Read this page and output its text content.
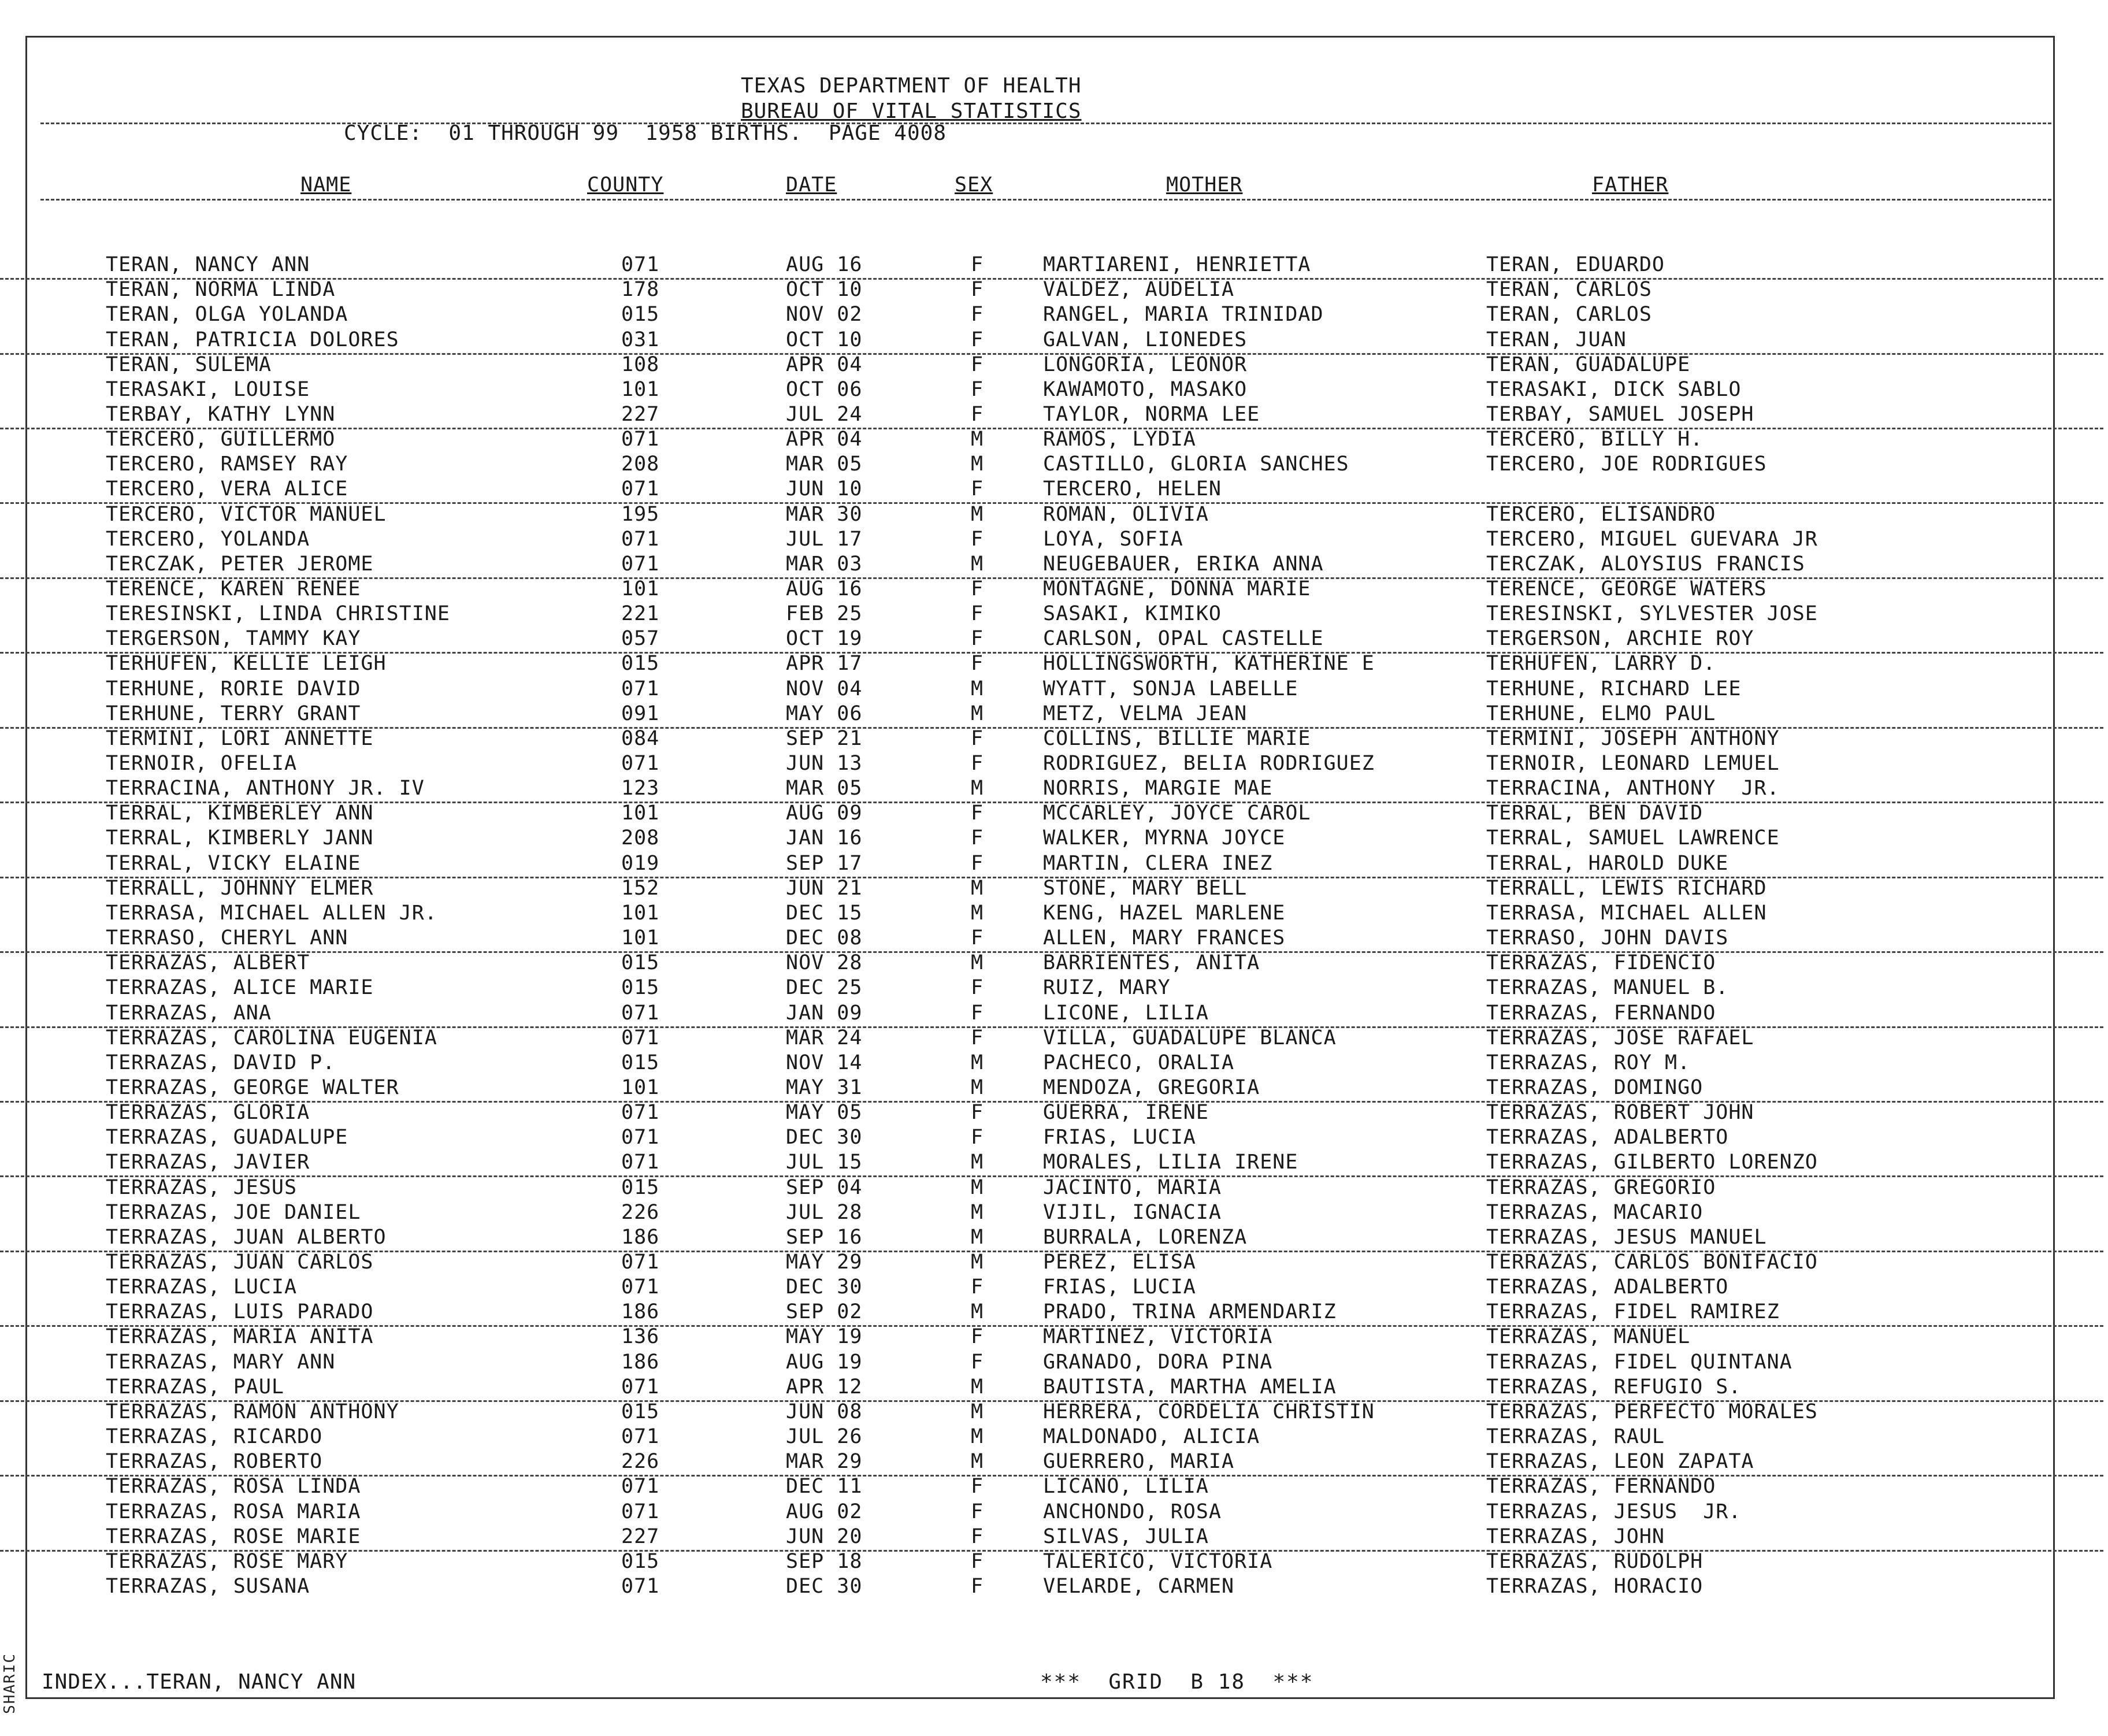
SHARIC
TEXAS DEPARTMENT OF HEALTH
BUREAU OF VITAL STATISTICS
CYCLE:  01 THROUGH 99  1958 BIRTHS.  PAGE 4008
NAME	COUNTY	DATE	SEX	MOTHER	FATHER
TERAN, NANCY ANN	071	AUG 16	F	MARTIARENI, HENRIETTA	TERAN, EDUARDO
TERAN, NORMA LINDA	178	OCT 10	F	VALDEZ, AUDELIA	TERAN, CARLOS
TERAN, OLGA YOLANDA	015	NOV 02	F	RANGEL, MARIA TRINIDAD	TERAN, CARLOS
TERAN, PATRICIA DOLORES	031	OCT 10	F	GALVAN, LIONEDES	TERAN, JUAN
TERAN, SULEMA	108	APR 04	F	LONGORIA, LEONOR	TERAN, GUADALUPE
TERASAKI, LOUISE	101	OCT 06	F	KAWAMOTO, MASAKO	TERASAKI, DICK SABLO
TERBAY, KATHY LYNN	227	JUL 24	F	TAYLOR, NORMA LEE	TERBAY, SAMUEL JOSEPH
TERCERO, GUILLERMO	071	APR 04	M	RAMOS, LYDIA	TERCERO, BILLY H.
TERCERO, RAMSEY RAY	208	MAR 05	M	CASTILLO, GLORIA SANCHES	TERCERO, JOE RODRIGUES
TERCERO, VERA ALICE	071	JUN 10	F	TERCERO, HELEN
TERCERO, VICTOR MANUEL	195	MAR 30	M	ROMAN, OLIVIA	TERCERO, ELISANDRO
TERCERO, YOLANDA	071	JUL 17	F	LOYA, SOFIA	TERCERO, MIGUEL GUEVARA JR
TERCZAK, PETER JEROME	071	MAR 03	M	NEUGEBAUER, ERIKA ANNA	TERCZAK, ALOYSIUS FRANCIS
TERENCE, KAREN RENEE	101	AUG 16	F	MONTAGNE, DONNA MARIE	TERENCE, GEORGE WATERS
TERESINSKI, LINDA CHRISTINE	221	FEB 25	F	SASAKI, KIMIKO	TERESINSKI, SYLVESTER JOSE
TERGERSON, TAMMY KAY	057	OCT 19	F	CARLSON, OPAL CASTELLE	TERGERSON, ARCHIE ROY
TERHUFEN, KELLIE LEIGH	015	APR 17	F	HOLLINGSWORTH, KATHERINE E	TERHUFEN, LARRY D.
TERHUNE, RORIE DAVID	071	NOV 04	M	WYATT, SONJA LABELLE	TERHUNE, RICHARD LEE
TERHUNE, TERRY GRANT	091	MAY 06	M	METZ, VELMA JEAN	TERHUNE, ELMO PAUL
TERMINI, LORI ANNETTE	084	SEP 21	F	COLLINS, BILLIE MARIE	TERMINI, JOSEPH ANTHONY
TERNOIR, OFELIA	071	JUN 13	F	RODRIGUEZ, BELIA RODRIGUEZ	TERNOIR, LEONARD LEMUEL
TERRACINA, ANTHONY JR. IV	123	MAR 05	M	NORRIS, MARGIE MAE	TERRACINA, ANTHONY  JR.
TERRAL, KIMBERLEY ANN	101	AUG 09	F	MCCARLEY, JOYCE CAROL	TERRAL, BEN DAVID
TERRAL, KIMBERLY JANN	208	JAN 16	F	WALKER, MYRNA JOYCE	TERRAL, SAMUEL LAWRENCE
TERRAL, VICKY ELAINE	019	SEP 17	F	MARTIN, CLERA INEZ	TERRAL, HAROLD DUKE
TERRALL, JOHNNY ELMER	152	JUN 21	M	STONE, MARY BELL	TERRALL, LEWIS RICHARD
TERRASA, MICHAEL ALLEN JR.	101	DEC 15	M	KENG, HAZEL MARLENE	TERRASA, MICHAEL ALLEN
TERRASO, CHERYL ANN	101	DEC 08	F	ALLEN, MARY FRANCES	TERRASO, JOHN DAVIS
TERRAZAS, ALBERT	015	NOV 28	M	BARRIENTES, ANITA	TERRAZAS, FIDENCIO
TERRAZAS, ALICE MARIE	015	DEC 25	F	RUIZ, MARY	TERRAZAS, MANUEL B.
TERRAZAS, ANA	071	JAN 09	F	LICONE, LILIA	TERRAZAS, FERNANDO
TERRAZAS, CAROLINA EUGENIA	071	MAR 24	F	VILLA, GUADALUPE BLANCA	TERRAZAS, JOSE RAFAEL
TERRAZAS, DAVID P.	015	NOV 14	M	PACHECO, ORALIA	TERRAZAS, ROY M.
TERRAZAS, GEORGE WALTER	101	MAY 31	M	MENDOZA, GREGORIA	TERRAZAS, DOMINGO
TERRAZAS, GLORIA	071	MAY 05	F	GUERRA, IRENE	TERRAZAS, ROBERT JOHN
TERRAZAS, GUADALUPE	071	DEC 30	F	FRIAS, LUCIA	TERRAZAS, ADALBERTO
TERRAZAS, JAVIER	071	JUL 15	M	MORALES, LILIA IRENE	TERRAZAS, GILBERTO LORENZO
TERRAZAS, JESUS	015	SEP 04	M	JACINTO, MARIA	TERRAZAS, GREGORIO
TERRAZAS, JOE DANIEL	226	JUL 28	M	VIJIL, IGNACIA	TERRAZAS, MACARIO
TERRAZAS, JUAN ALBERTO	186	SEP 16	M	BURRALA, LORENZA	TERRAZAS, JESUS MANUEL
TERRAZAS, JUAN CARLOS	071	MAY 29	M	PEREZ, ELISA	TERRAZAS, CARLOS BONIFACIO
TERRAZAS, LUCIA	071	DEC 30	F	FRIAS, LUCIA	TERRAZAS, ADALBERTO
TERRAZAS, LUIS PARADO	186	SEP 02	M	PRADO, TRINA ARMENDARIZ	TERRAZAS, FIDEL RAMIREZ
TERRAZAS, MARIA ANITA	136	MAY 19	F	MARTINEZ, VICTORIA	TERRAZAS, MANUEL
TERRAZAS, MARY ANN	186	AUG 19	F	GRANADO, DORA PINA	TERRAZAS, FIDEL QUINTANA
TERRAZAS, PAUL	071	APR 12	M	BAUTISTA, MARTHA AMELIA	TERRAZAS, REFUGIO S.
TERRAZAS, RAMON ANTHONY	015	JUN 08	M	HERRERA, CORDELIA CHRISTIN	TERRAZAS, PERFECTO MORALES
TERRAZAS, RICARDO	071	JUL 26	M	MALDONADO, ALICIA	TERRAZAS, RAUL
TERRAZAS, ROBERTO	226	MAR 29	M	GUERRERO, MARIA	TERRAZAS, LEON ZAPATA
TERRAZAS, ROSA LINDA	071	DEC 11	F	LICANO, LILIA	TERRAZAS, FERNANDO
TERRAZAS, ROSA MARIA	071	AUG 02	F	ANCHONDO, ROSA	TERRAZAS, JESUS  JR.
TERRAZAS, ROSE MARIE	227	JUN 20	F	SILVAS, JULIA	TERRAZAS, JOHN
TERRAZAS, ROSE MARY	015	SEP 18	F	TALERICO, VICTORIA	TERRAZAS, RUDOLPH
TERRAZAS, SUSANA	071	DEC 30	F	VELARDE, CARMEN	TERRAZAS, HORACIO
INDEX...TERAN, NANCY ANN	***  GRID  B 18  ***
